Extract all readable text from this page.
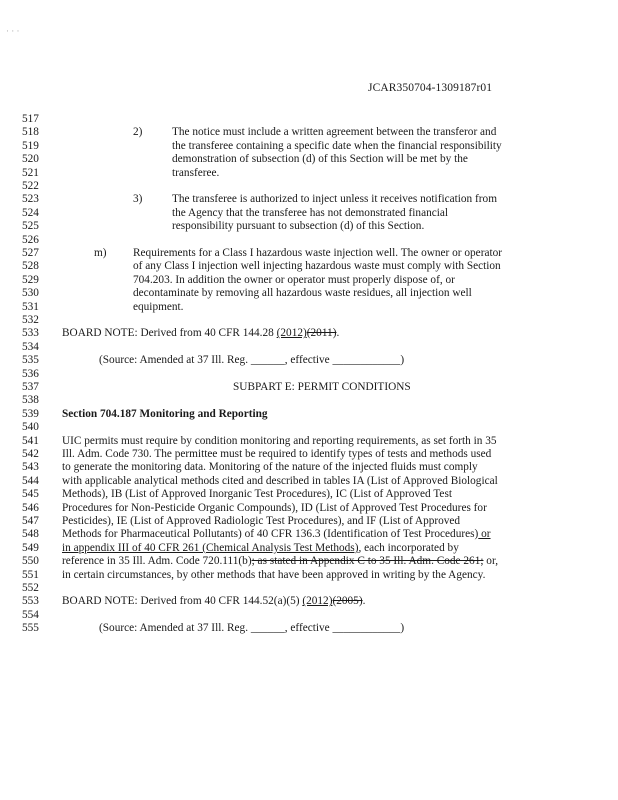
· · ·
JCAR350704-1309187r01
517
518	2)	The notice must include a written agreement between the transferor and
519	the transferee containing a specific date when the financial responsibility
520	demonstration of subsection (d) of this Section will be met by the
521	transferee.
522
523	3)	The transferee is authorized to inject unless it receives notification from
524	the Agency that the transferee has not demonstrated financial
525	responsibility pursuant to subsection (d) of this Section.
526
527	m) Requirements for a Class I hazardous waste injection well. The owner or operator
528	of any Class I injection well injecting hazardous waste must comply with Section
529	704.203. In addition the owner or operator must properly dispose of, or
530	decontaminate by removing all hazardous waste residues, all injection well
531	equipment.
532
533	BOARD NOTE: Derived from 40 CFR 144.28 (2012)(2011).
534
535	(Source: Amended at 37 Ill. Reg. ______, effective ____________)
536
537	SUBPART E: PERMIT CONDITIONS
538
539	Section 704.187 Monitoring and Reporting
540
541	UIC permits must require by condition monitoring and reporting requirements, as set forth in 35
542	Ill. Adm. Code 730. The permittee must be required to identify types of tests and methods used
543	to generate the monitoring data. Monitoring of the nature of the injected fluids must comply
544	with applicable analytical methods cited and described in tables IA (List of Approved Biological
545	Methods), IB (List of Approved Inorganic Test Procedures), IC (List of Approved Test
546	Procedures for Non-Pesticide Organic Compounds), ID (List of Approved Test Procedures for
547	Pesticides), IE (List of Approved Radiologic Test Procedures), and IF (List of Approved
548	Methods for Pharmaceutical Pollutants) of 40 CFR 136.3 (Identification of Test Procedures) or
549	in appendix III of 40 CFR 261 (Chemical Analysis Test Methods), each incorporated by
550	reference in 35 Ill. Adm. Code 720.111(b); as stated in Appendix C to 35 Ill. Adm. Code 261; or,
551	in certain circumstances, by other methods that have been approved in writing by the Agency.
552
553	BOARD NOTE: Derived from 40 CFR 144.52(a)(5) (2012)(2005).
554
555	(Source: Amended at 37 Ill. Reg. ______, effective ____________)
